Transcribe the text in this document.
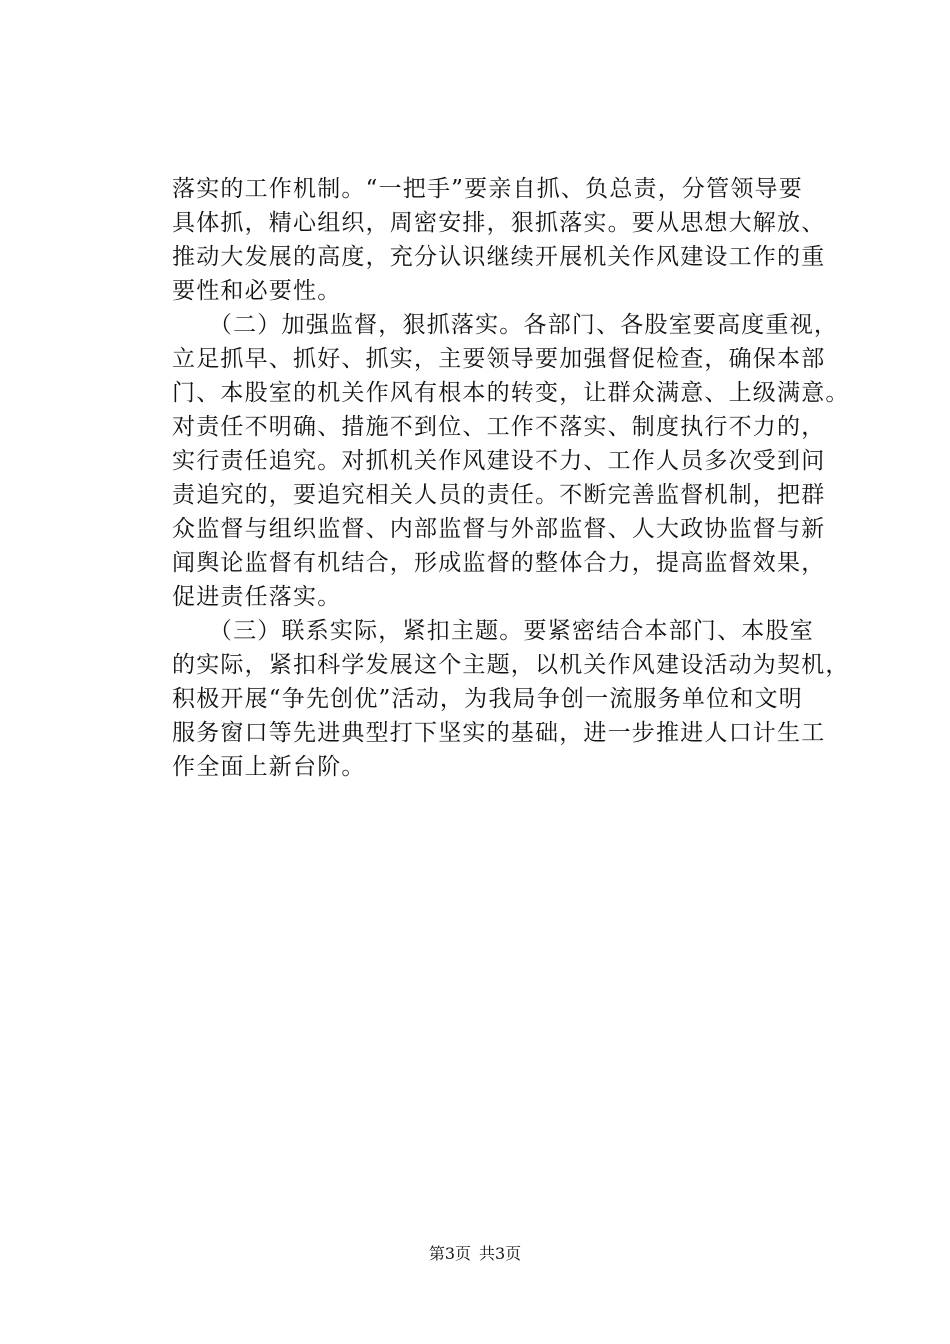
落实的工作机制。“一把手”要亲自抓、负总责，分管领导要
具体抓，精心组织，周密安排，狠抓落实。要从思想大解放、
推动大发展的高度，充分认识继续开展机关作风建设工作的重
要性和必要性。
　　（二）加强监督，狠抓落实。各部门、各股室要高度重视，
立足抓早、抓好、抓实，主要领导要加强督促检查，确保本部
门、本股室的机关作风有根本的转变，让群众满意、上级满意。
对责任不明确、措施不到位、工作不落实、制度执行不力的，
实行责任追究。对抓机关作风建设不力、工作人员多次受到问
责追究的，要追究相关人员的责任。不断完善监督机制，把群
众监督与组织监督、内部监督与外部监督、人大政协监督与新
闻舆论监督有机结合，形成监督的整体合力，提高监督效果，
促进责任落实。
　　（三）联系实际，紧扣主题。要紧密结合本部门、本股室
的实际，紧扣科学发展这个主题，以机关作风建设活动为契机，
积极开展“争先创优”活动，为我局争创一流服务单位和文明
服务窗口等先进典型打下坚实的基础，进一步推进人口计生工
作全面上新台阶。
第3页 共3页
